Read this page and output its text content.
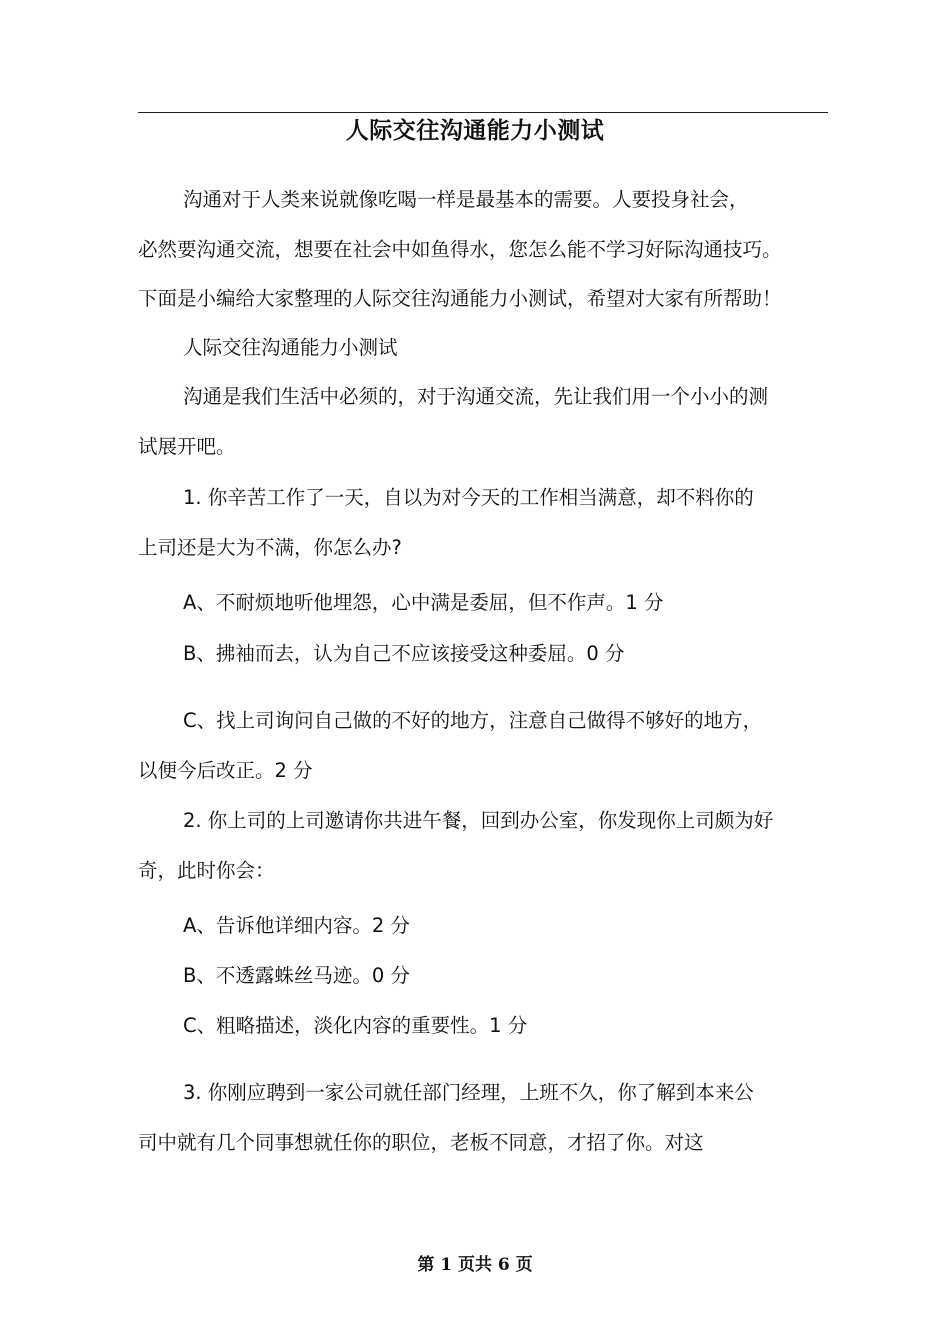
人际交往沟通能力小测试
沟通对于人类来说就像吃喝一样是最基本的需要。人要投身社会，
必然要沟通交流，想要在社会中如鱼得水，您怎么能不学习好际沟通技巧。
下面是小编给大家整理的人际交往沟通能力小测试，希望对大家有所帮助！
人际交往沟通能力小测试
沟通是我们生活中必须的，对于沟通交流，先让我们用一个小小的测
试展开吧。
1. 你辛苦工作了一天，自以为对今天的工作相当满意，却不料你的
上司还是大为不满，你怎么办?
A、不耐烦地听他埋怨，心中满是委屈，但不作声。1 分
B、拂袖而去，认为自己不应该接受这种委屈。0 分
C、找上司询问自己做的不好的地方，注意自己做得不够好的地方，
以便今后改正。2 分
2. 你上司的上司邀请你共进午餐，回到办公室，你发现你上司颇为好
奇，此时你会：
A、告诉他详细内容。2 分
B、不透露蛛丝马迹。0 分
C、粗略描述，淡化内容的重要性。1 分
3. 你刚应聘到一家公司就任部门经理，上班不久，你了解到本来公
司中就有几个同事想就任你的职位，老板不同意，才招了你。对这
第 1 页共 6 页
